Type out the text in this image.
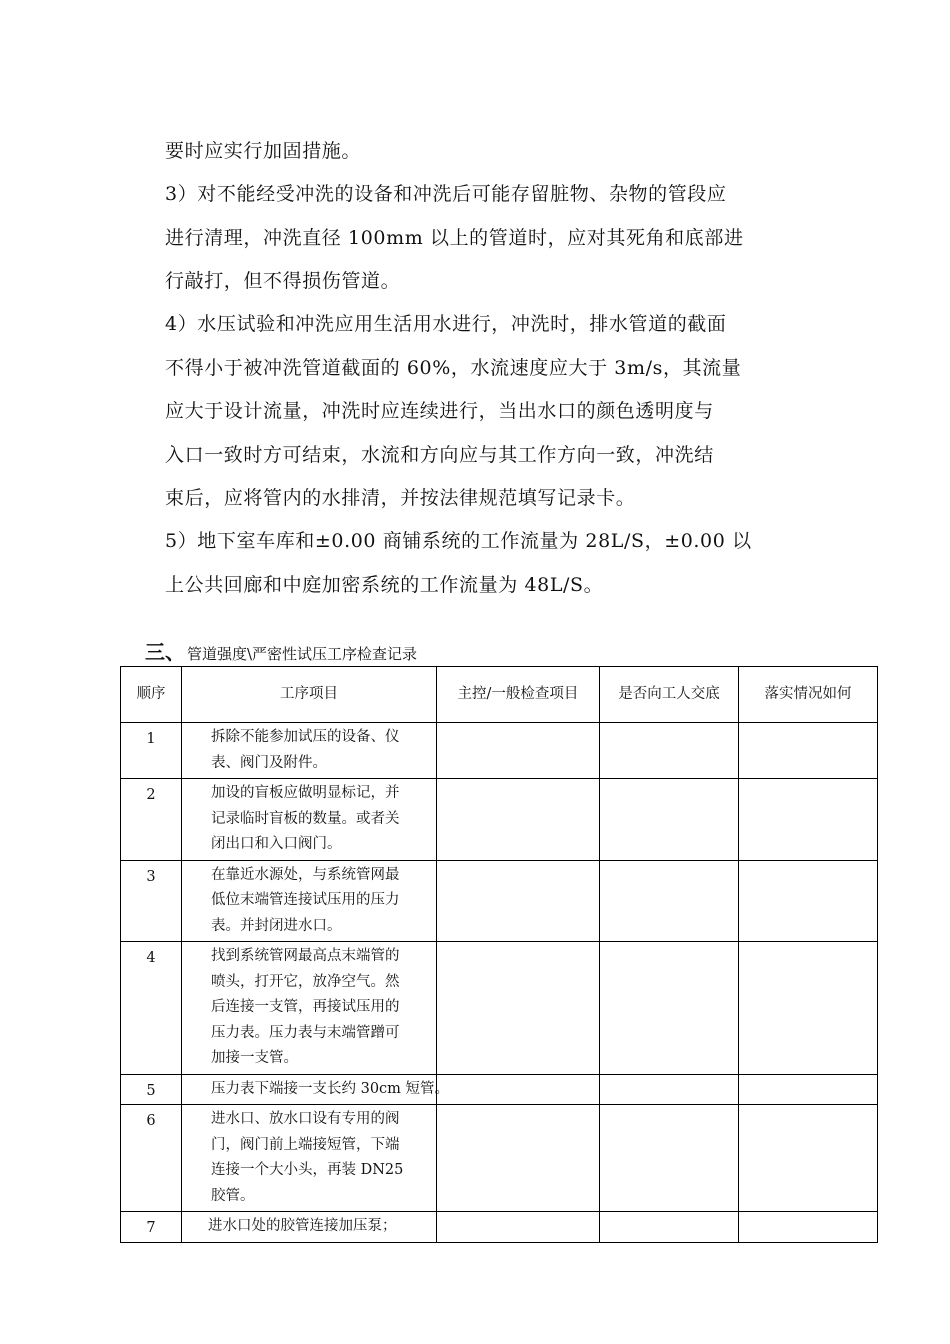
要时应实行加固措施。
3）对不能经受冲洗的设备和冲洗后可能存留脏物、杂物的管段应
进行清理，冲洗直径 100mm 以上的管道时，应对其死角和底部进
行敲打，但不得损伤管道。
4）水压试验和冲洗应用生活用水进行，冲洗时，排水管道的截面
不得小于被冲洗管道截面的 60%，水流速度应大于 3m/s，其流量
应大于设计流量，冲洗时应连续进行，当出水口的颜色透明度与
入口一致时方可结束，水流和方向应与其工作方向一致，冲洗结
束后，应将管内的水排清，并按法律规范填写记录卡。
5）地下室车库和±0.00 商铺系统的工作流量为 28L/S，±0.00 以
上公共回廊和中庭加密系统的工作流量为 48L/S。
三、 管道强度\严密性试压工序检查记录
顺序	工序项目	主控/一般检查项目	是否向工人交底	落实情况如何
1	拆除不能参加试压的设备、仪
表、阀门及附件。			

2	加设的盲板应做明显标记，并
记录临时盲板的数量。或者关
闭出口和入口阀门。			

3	在靠近水源处，与系统管网最
低位末端管连接试压用的压力
表。并封闭进水口。			

4	找到系统管网最高点末端管的
喷头，打开它，放净空气。然
后连接一支管，再接试压用的
压力表。压力表与末端管蹭可
加接一支管。			

5	压力表下端接一支长约 30cm 短管。			

6	进水口、放水口设有专用的阀
门，阀门前上端接短管，下端
连接一个大小头，再装 DN25
胶管。			

7	进水口处的胶管连接加压泵；			
